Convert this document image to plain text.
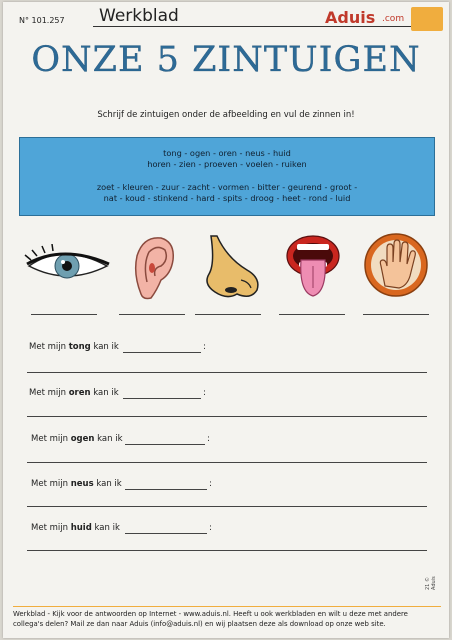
N° 101.257 Werkblad	Aduis .com
ONZE 5 ZINTUIGEN
Schrijf de zintuigen onder de afbeelding en vul de zinnen in!
tong - ogen - oren - neus - huid
horen - zien - proeven - voelen - ruiken
zoet - kleuren - zuur - zacht - vormen - bitter - geurend - groot -
nat - koud - stinkend - hard - spits - droog - heet - rond - luid
Met mijn tong kan ik	:
Met mijn oren kan ik	:
Met mijn ogen kan ik	:
Met mijn neus kan ik	:
Met mijn huid kan ik	:
21 © Aduis
Werkblad - Kijk voor de antwoorden op Internet - www.aduis.nl. Heeft u ook werkbladen en wilt u deze met andere
collega's delen? Mail ze dan naar Aduis (info@aduis.nl) en wij plaatsen deze als download op onze web site.
